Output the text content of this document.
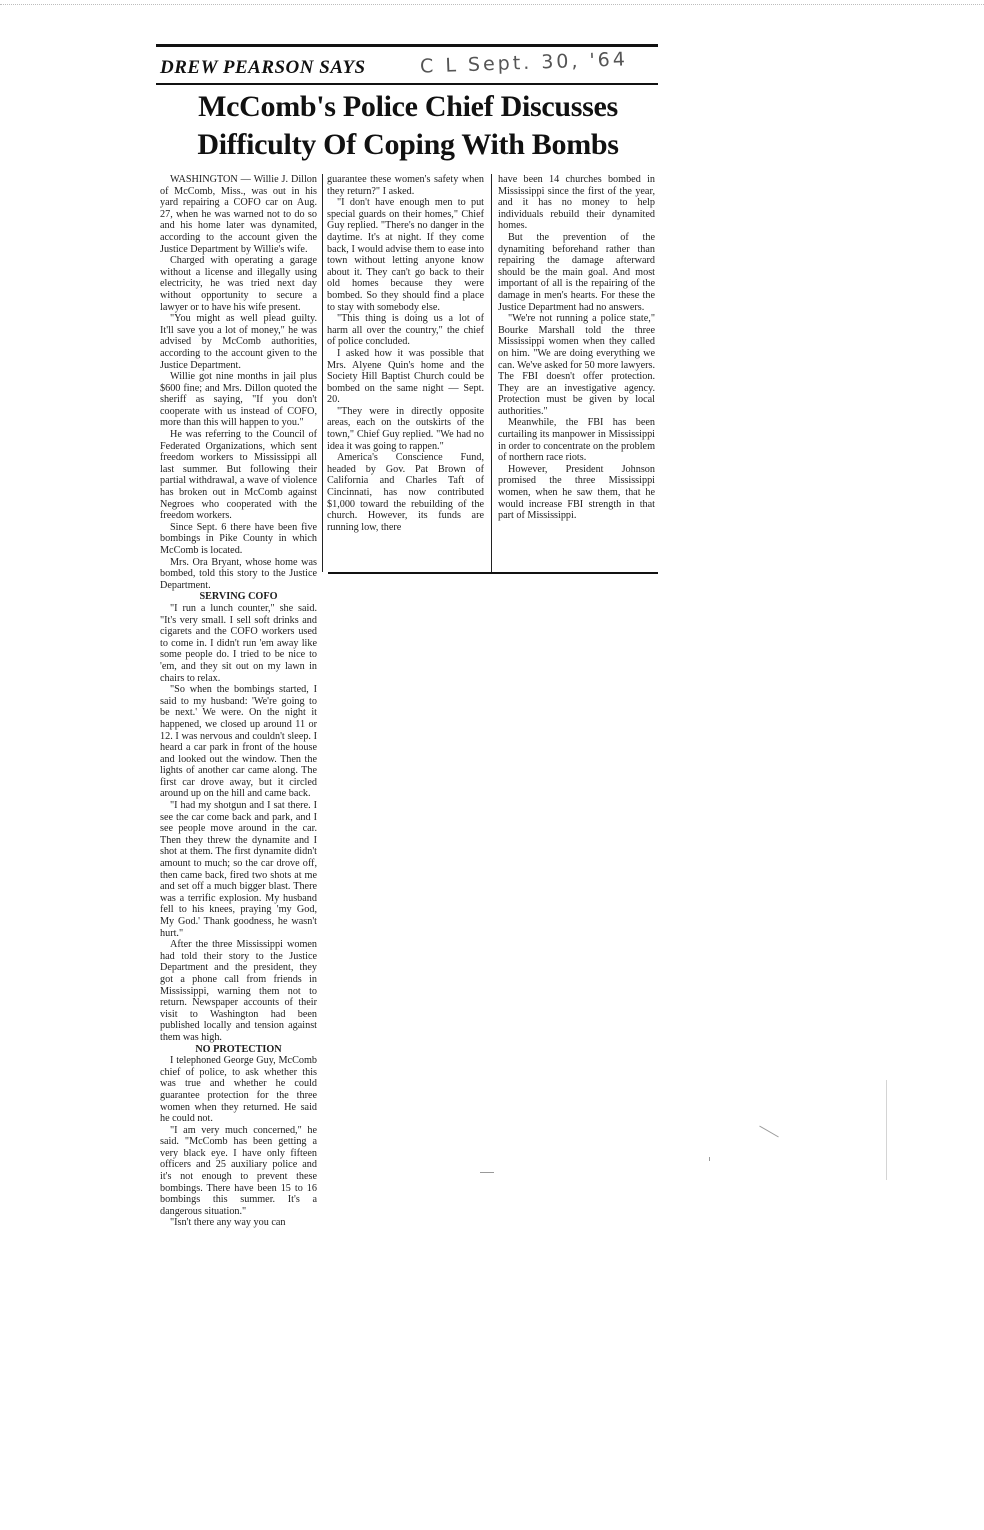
DREW PEARSON SAYS	C L Sept. 30, '64
McComb's Police Chief Discusses
Difficulty Of Coping With Bombs

WASHINGTON — Willie J. Dillon of McComb, Miss., was out in his yard repairing a COFO car on Aug. 27, when he was warned not to do so and his home later was dynamited, according to the account given the Justice Department by Willie's wife.

Charged with operating a garage without a license and illegally using electricity, he was tried next day without opportunity to secure a lawyer or to have his wife present.

"You might as well plead guilty. It'll save you a lot of money," he was advised by McComb authorities, according to the account given to the Justice Department.

Willie got nine months in jail plus $600 fine; and Mrs. Dillon quoted the sheriff as saying, "If you don't cooperate with us instead of COFO, more than this will happen to you."

He was referring to the Council of Federated Organizations, which sent freedom workers to Mississippi all last summer. But following their partial withdrawal, a wave of violence has broken out in McComb against Negroes who cooperated with the freedom workers.

Since Sept. 6 there have been five bombings in Pike County in which McComb is located.

Mrs. Ora Bryant, whose home was bombed, told this story to the Justice Department.

SERVING COFO

"I run a lunch counter," she said. "It's very small. I sell soft drinks and cigarets and the COFO workers used to come in. I didn't run 'em away like some people do. I tried to be nice to 'em, and they sit out on my lawn in chairs to relax.

"So when the bombings started, I said to my husband: 'We're going to be next.' We were. On the night it happened, we closed up around 11 or 12. I was nervous and couldn't sleep. I heard a car park in front of the house and looked out the window. Then the lights of another car came along. The first car drove away, but it circled around up on the hill and came back.

"I had my shotgun and I sat there. I see the car come back and park, and I see people move around in the car. Then they threw the dynamite and I shot at them. The first dynamite didn't amount to much; so the car drove off, then came back, fired two shots at me and set off a much bigger blast. There was a terrific explosion. My husband fell to his knees, praying 'my God, My God.' Thank goodness, he wasn't hurt."

After the three Mississippi women had told their story to the Justice Department and the president, they got a phone call from friends in Mississippi, warning them not to return. Newspaper accounts of their visit to Washington had been published locally and tension against them was high.

NO PROTECTION

I telephoned George Guy, McComb chief of police, to ask whether this was true and whether he could guarantee protection for the three women when they returned. He said he could not.

"I am very much concerned," he said. "McComb has been getting a very black eye. I have only fifteen officers and 25 auxiliary police and it's not enough to prevent these bombings. There have been 15 to 16 bombings this summer. It's a dangerous situation."

"Isn't there any way you can

guarantee these women's safety when they return?" I asked.

"I don't have enough men to put special guards on their homes," Chief Guy replied. "There's no danger in the daytime. It's at night. If they come back, I would advise them to ease into town without letting anyone know about it. They can't go back to their old homes because they were bombed. So they should find a place to stay with somebody else.

"This thing is doing us a lot of harm all over the country," the chief of police concluded.

I asked how it was possible that Mrs. Alyene Quin's home and the Society Hill Baptist Church could be bombed on the same night — Sept. 20.

"They were in directly opposite areas, each on the outskirts of the town," Chief Guy replied. "We had no idea it was going to rappen."

America's Conscience Fund, headed by Gov. Pat Brown of California and Charles Taft of Cincinnati, has now contributed $1,000 toward the rebuilding of the church. However, its funds are running low, there

have been 14 churches bombed in Mississippi since the first of the year, and it has no money to help individuals rebuild their dynamited homes.

But the prevention of the dynamiting beforehand rather than repairing the damage afterward should be the main goal. And most important of all is the repairing of the damage in men's hearts. For these the Justice Department had no answers.

"We're not running a police state," Bourke Marshall told the three Mississippi women when they called on him. "We are doing everything we can. We've asked for 50 more lawyers. The FBI doesn't offer protection. They are an investigative agency. Protection must be given by local authorities."

Meanwhile, the FBI has been curtailing its manpower in Mississippi in order to concentrate on the problem of northern race riots.

However, President Johnson promised the three Mississippi women, when he saw them, that he would increase FBI strength in that part of Mississippi.
